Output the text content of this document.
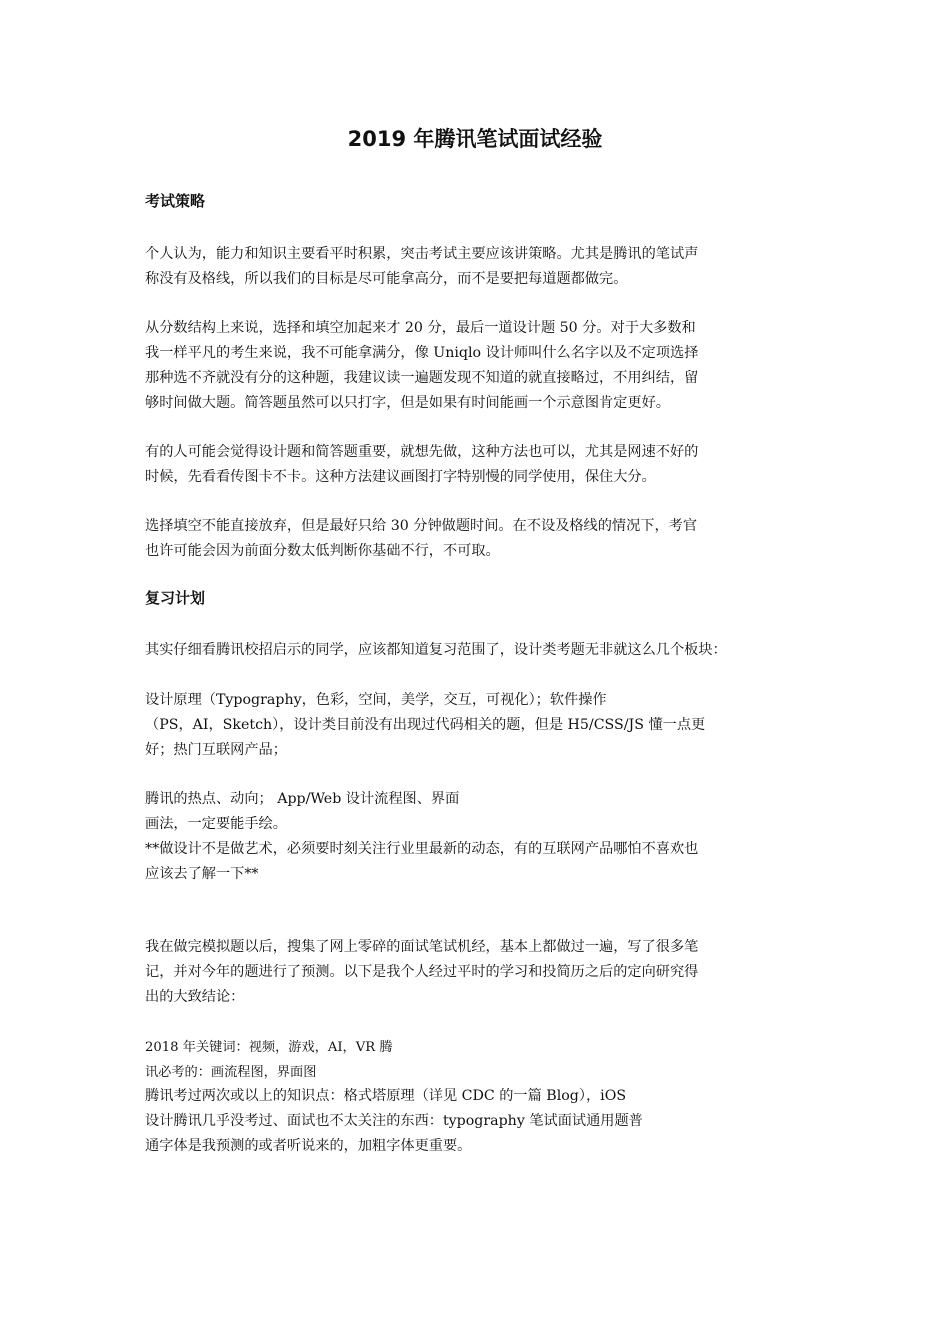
2019 年腾讯笔试面试经验
考试策略

个人认为，能力和知识主要看平时积累，突击考试主要应该讲策略。尤其是腾讯的笔试声
称没有及格线，所以我们的目标是尽可能拿高分，而不是要把每道题都做完。

从分数结构上来说，选择和填空加起来才 20 分，最后一道设计题 50 分。对于大多数和
我一样平凡的考生来说，我不可能拿满分，像 Uniqlo 设计师叫什么名字以及不定项选择
那种选不齐就没有分的这种题，我建议读一遍题发现不知道的就直接略过，不用纠结，留
够时间做大题。简答题虽然可以只打字，但是如果有时间能画一个示意图肯定更好。

有的人可能会觉得设计题和简答题重要，就想先做，这种方法也可以，尤其是网速不好的
时候，先看看传图卡不卡。这种方法建议画图打字特别慢的同学使用，保住大分。

选择填空不能直接放弃，但是最好只给 30 分钟做题时间。在不设及格线的情况下，考官
也许可能会因为前面分数太低判断你基础不行，不可取。

复习计划

其实仔细看腾讯校招启示的同学，应该都知道复习范围了，设计类考题无非就这么几个板块：

设计原理（Typography，色彩，空间，美学，交互，可视化）；软件操作
（PS，AI，Sketch），设计类目前没有出现过代码相关的题，但是 H5/CSS/JS 懂一点更
好；热门互联网产品；

腾讯的热点、动向； App/Web 设计流程图、界面
画法，一定要能手绘。
**做设计不是做艺术，必须要时刻关注行业里最新的动态，有的互联网产品哪怕不喜欢也
应该去了解一下**

我在做完模拟题以后，搜集了网上零碎的面试笔试机经，基本上都做过一遍，写了很多笔
记，并对今年的题进行了预测。以下是我个人经过平时的学习和投简历之后的定向研究得
出的大致结论：

2018 年关键词：视频，游戏，AI，VR 腾
讯必考的：画流程图，界面图

腾讯考过两次或以上的知识点：格式塔原理（详见 CDC 的一篇 Blog），iOS
设计腾讯几乎没考过、面试也不太关注的东西：typography 笔试面试通用题普
通字体是我预测的或者听说来的，加粗字体更重要。
